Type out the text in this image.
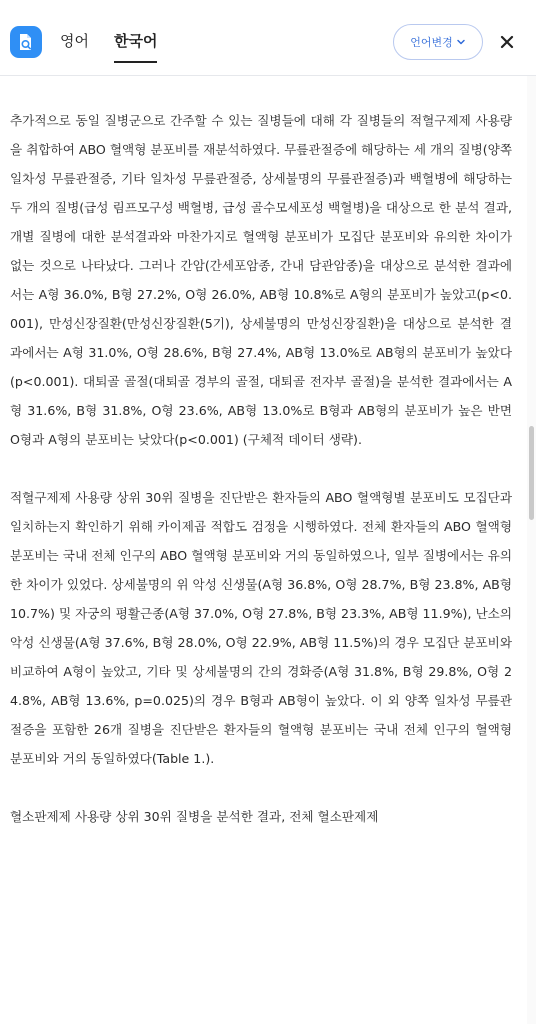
영어 한국어	언어변경

추가적으로 동일 질병군으로 간주할 수 있는 질병들에 대해 각 질병들의 적혈구제제 사용량을 취합하여 ABO 혈액형 분포비를 재분석하였다. 무릎관절증에 해당하는 세 개의 질병(양쪽 일차성 무릎관절증, 기타 일차성 무릎관절증, 상세불명의 무릎관절증)과 백혈병에 해당하는 두 개의 질병(급성 림프모구성 백혈병, 급성 골수모세포성 백혈병)을 대상으로 한 분석 결과, 개별 질병에 대한 분석결과와 마찬가지로 혈액형 분포비가 모집단 분포비와 유의한 차이가 없는 것으로 나타났다. 그러나 간암(간세포암종, 간내 담관암종)을 대상으로 분석한 결과에서는 A형 36.0%, B형 27.2%, O형 26.0%, AB형 10.8%로 A형의 분포비가 높았고(p<0.001), 만성신장질환(만성신장질환(5기), 상세불명의 만성신장질환)을 대상으로 분석한 결과에서는 A형 31.0%, O형 28.6%, B형 27.4%, AB형 13.0%로 AB형의 분포비가 높았다(p<0.001). 대퇴골 골절(대퇴골 경부의 골절, 대퇴골 전자부 골절)을 분석한 결과에서는 A형 31.6%, B형 31.8%, O형 23.6%, AB형 13.0%로 B형과 AB형의 분포비가 높은 반면 O형과 A형의 분포비는 낮았다(p<0.001) (구체적 데이터 생략).

적혈구제제 사용량 상위 30위 질병을 진단받은 환자들의 ABO 혈액형별 분포비도 모집단과 일치하는지 확인하기 위해 카이제곱 적합도 검정을 시행하였다. 전체 환자들의 ABO 혈액형 분포비는 국내 전체 인구의 ABO 혈액형 분포비와 거의 동일하였으나, 일부 질병에서는 유의한 차이가 있었다. 상세불명의 위 악성 신생물(A형 36.8%, O형 28.7%, B형 23.8%, AB형 10.7%) 및 자궁의 평활근종(A형 37.0%, O형 27.8%, B형 23.3%, AB형 11.9%), 난소의 악성 신생물(A형 37.6%, B형 28.0%, O형 22.9%, AB형 11.5%)의 경우 모집단 분포비와 비교하여 A형이 높았고, 기타 및 상세불명의 간의 경화증(A형 31.8%, B형 29.8%, O형 24.8%, AB형 13.6%, p=0.025)의 경우 B형과 AB형이 높았다. 이 외 양쪽 일차성 무릎관절증을 포함한 26개 질병을 진단받은 환자들의 혈액형 분포비는 국내 전체 인구의 혈액형 분포비와 거의 동일하였다(Table 1.).

혈소판제제 사용량 상위 30위 질병을 분석한 결과, 전체 혈소판제제
